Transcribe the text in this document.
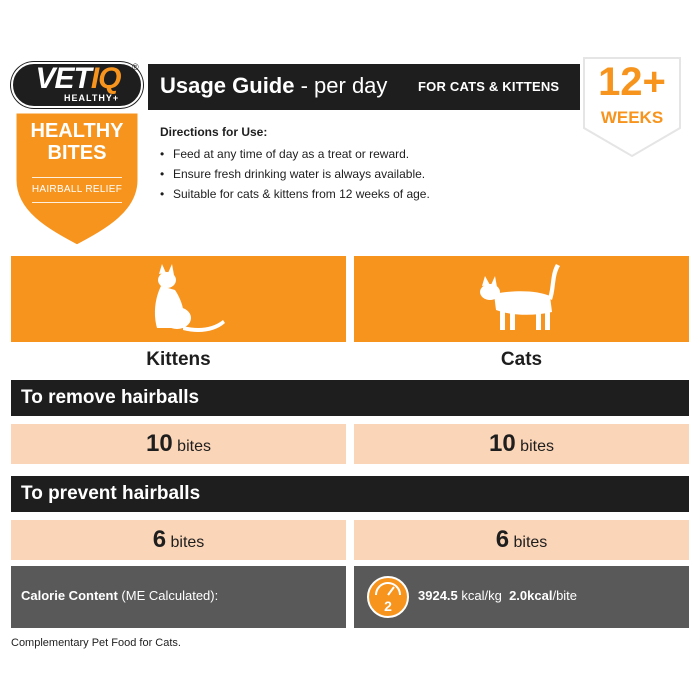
VETIQ	®
HEALTHY+
HEALTHY
BITES
HAIRBALL RELIEF
Usage Guide - per day FOR CATS & KITTENS 12+
WEEKS
Directions for Use:
• Feed at any time of day as a treat or reward.
• Ensure fresh drinking water is always available.
• Suitable for cats & kittens from 12 weeks of age.
Kittens	Cats
To remove hairballs
10 bites	10 bites
To prevent hairballs
6 bites	6 bites
Calorie Content (ME Calculated):
2
3924.5 kcal/kg 2.0kcal/bite
Complementary Pet Food for Cats.
